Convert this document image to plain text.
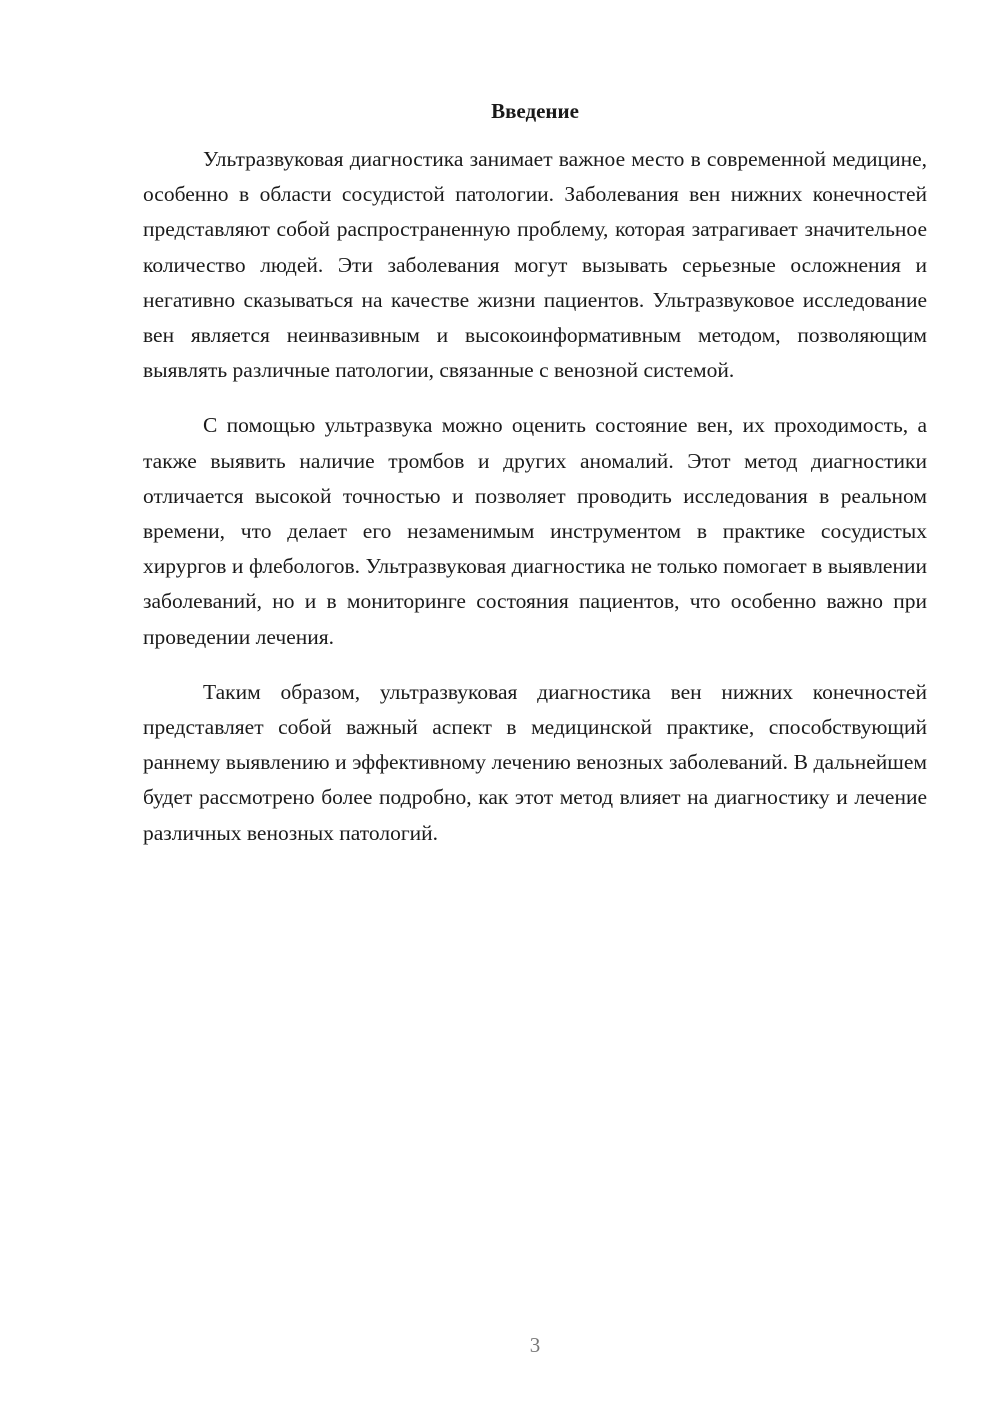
Введение

Ультразвуковая диагностика занимает важное место в современной медицине, особенно в области сосудистой патологии. Заболевания вен нижних конечностей представляют собой распространенную проблему, которая затрагивает значительное количество людей. Эти заболевания могут вызывать серьезные осложнения и негативно сказываться на качестве жизни пациентов. Ультразвуковое исследование вен является неинвазивным и высокоинформативным методом, позволяющим выявлять различные патологии, связанные с венозной системой.

С помощью ультразвука можно оценить состояние вен, их проходимость, а также выявить наличие тромбов и других аномалий. Этот метод диагностики отличается высокой точностью и позволяет проводить исследования в реальном времени, что делает его незаменимым инструментом в практике сосудистых хирургов и флебологов. Ультразвуковая диагностика не только помогает в выявлении заболеваний, но и в мониторинге состояния пациентов, что особенно важно при проведении лечения.

Таким образом, ультразвуковая диагностика вен нижних конечностей представляет собой важный аспект в медицинской практике, способствующий раннему выявлению и эффективному лечению венозных заболеваний. В дальнейшем будет рассмотрено более подробно, как этот метод влияет на диагностику и лечение различных венозных патологий.

3
